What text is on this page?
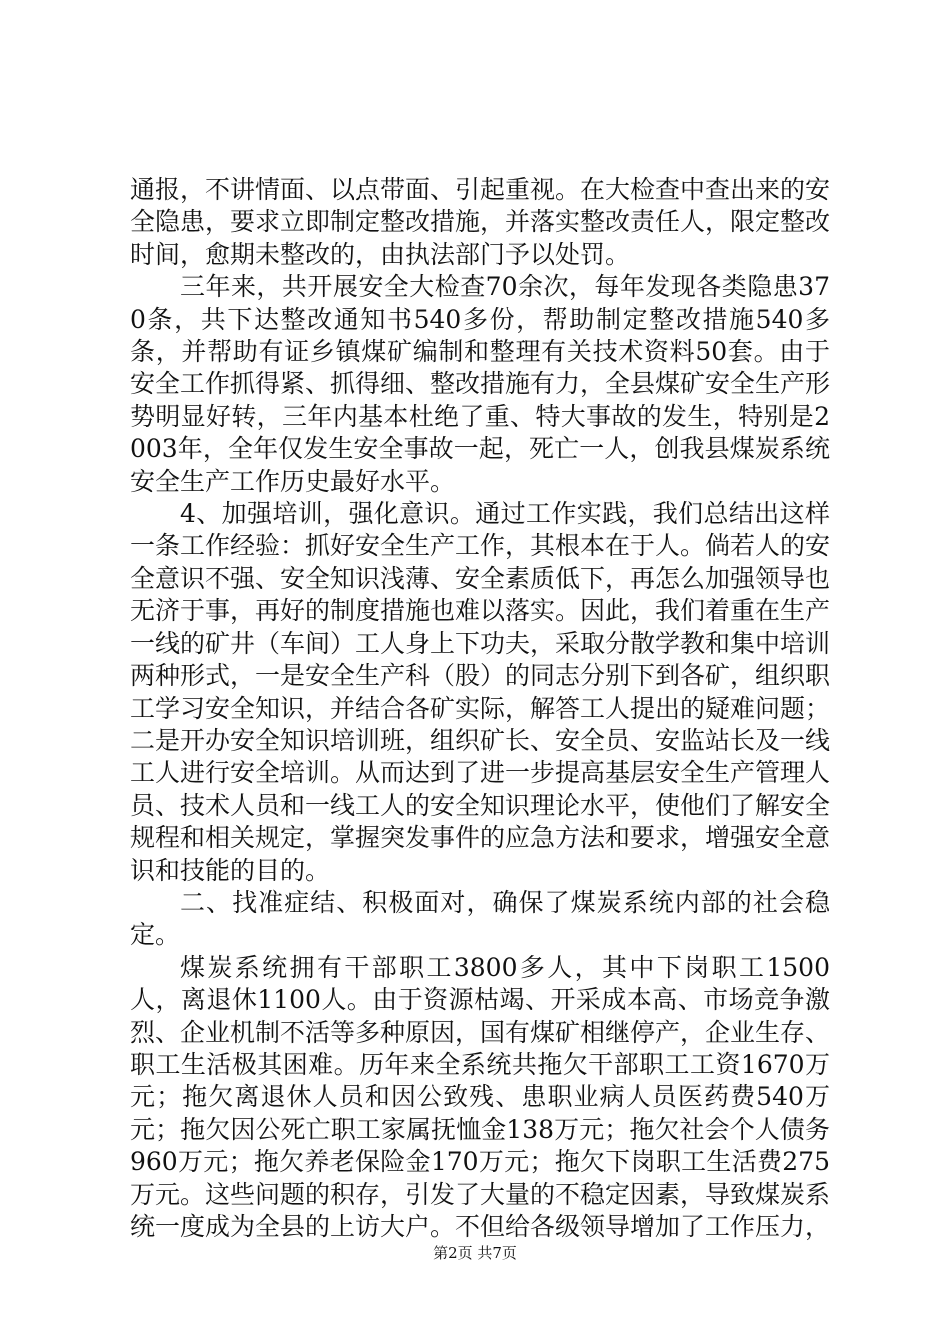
通报，不讲情面、以点带面、引起重视。在大检查中查出来的安全隐患，要求立即制定整改措施，并落实整改责任人，限定整改时间，愈期未整改的，由执法部门予以处罚。

三年来，共开展安全大检查70余次，每年发现各类隐患370条，共下达整改通知书540多份，帮助制定整改措施540多条，并帮助有证乡镇煤矿编制和整理有关技术资料50套。由于安全工作抓得紧、抓得细、整改措施有力，全县煤矿安全生产形势明显好转，三年内基本杜绝了重、特大事故的发生，特别是2003年，全年仅发生安全事故一起，死亡一人，创我县煤炭系统安全生产工作历史最好水平。

4、加强培训，强化意识。通过工作实践，我们总结出这样一条工作经验：抓好安全生产工作，其根本在于人。倘若人的安全意识不强、安全知识浅薄、安全素质低下，再怎么加强领导也无济于事，再好的制度措施也难以落实。因此，我们着重在生产一线的矿井（车间）工人身上下功夫，采取分散学教和集中培训两种形式，一是安全生产科（股）的同志分别下到各矿，组织职工学习安全知识，并结合各矿实际，解答工人提出的疑难问题；二是开办安全知识培训班，组织矿长、安全员、安监站长及一线工人进行安全培训。从而达到了进一步提高基层安全生产管理人员、技术人员和一线工人的安全知识理论水平，使他们了解安全规程和相关规定，掌握突发事件的应急方法和要求，增强安全意识和技能的目的。

二、找准症结、积极面对，确保了煤炭系统内部的社会稳定。

煤炭系统拥有干部职工3800多人，其中下岗职工1500人，离退休1100人。由于资源枯竭、开采成本高、市场竞争激烈、企业机制不活等多种原因，国有煤矿相继停产，企业生存、职工生活极其困难。历年来全系统共拖欠干部职工工资1670万元；拖欠离退休人员和因公致残、患职业病人员医药费540万元；拖欠因公死亡职工家属抚恤金138万元；拖欠社会个人债务960万元；拖欠养老保险金170万元；拖欠下岗职工生活费275万元。这些问题的积存，引发了大量的不稳定因素，导致煤炭系统一度成为全县的上访大户。不但给各级领导增加了工作压力，

第2页 共7页
